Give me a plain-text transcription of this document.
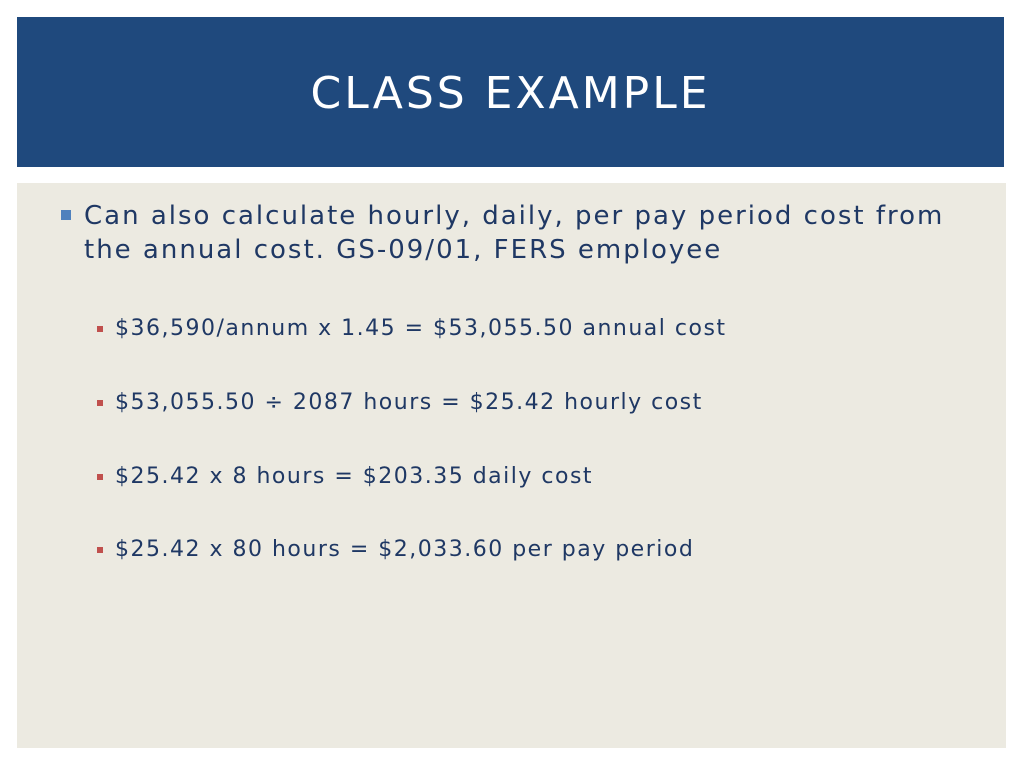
CLASS EXAMPLE
Can also calculate hourly, daily, per pay period cost from the annual cost. GS-09/01, FERS employee
$36,590/annum x 1.45 = $53,055.50 annual cost
$53,055.50 ÷ 2087 hours = $25.42 hourly cost
$25.42 x 8 hours = $203.35 daily cost
$25.42 x 80 hours = $2,033.60 per pay period
